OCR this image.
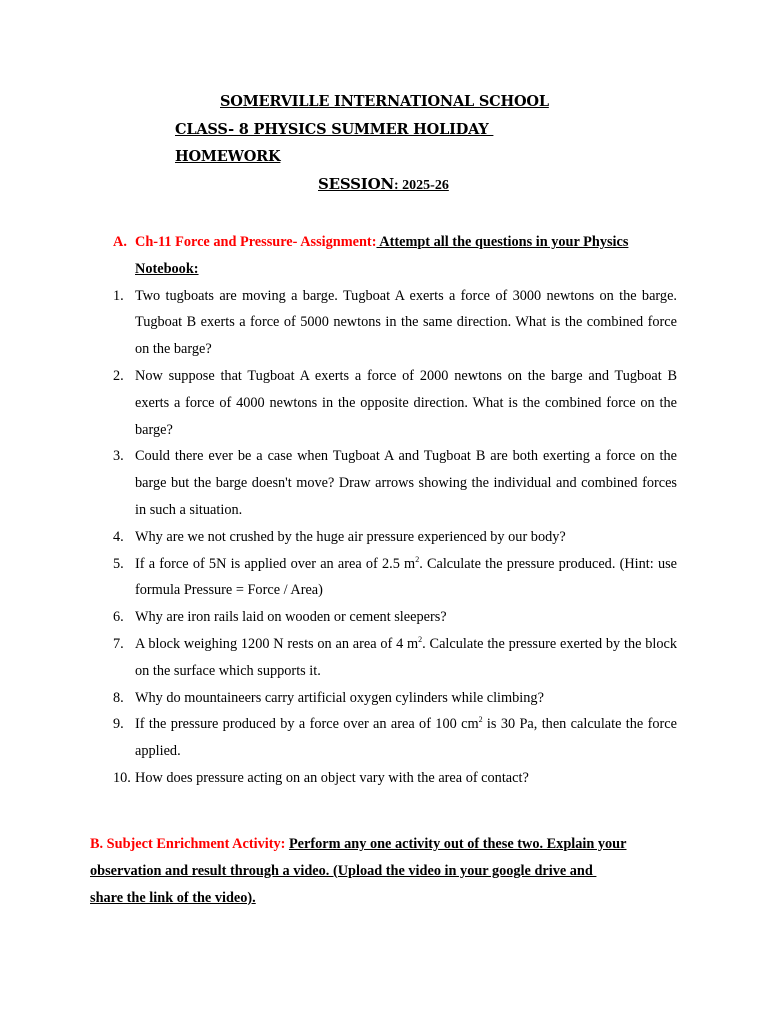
SOMERVILLE INTERNATIONAL SCHOOL
CLASS- 8 PHYSICS SUMMER HOLIDAY
HOMEWORK
SESSION: 2025-26
A. Ch-11 Force and Pressure- Assignment: Attempt all the questions in your Physics
Notebook:
1. Two tugboats are moving a barge. Tugboat A exerts a force of 3000 newtons on the barge. Tugboat B exerts a force of 5000 newtons in the same direction. What is the combined force on the barge?
2. Now suppose that Tugboat A exerts a force of 2000 newtons on the barge and Tugboat B exerts a force of 4000 newtons in the opposite direction. What is the combined force on the barge?
3. Could there ever be a case when Tugboat A and Tugboat B are both exerting a force on the barge but the barge doesn't move? Draw arrows showing the individual and combined forces in such a situation.
4. Why are we not crushed by the huge air pressure experienced by our body?
5. If a force of 5N is applied over an area of 2.5 $m^2$. Calculate the pressure produced. (Hint: use formula Pressure = Force / Area)
6. Why are iron rails laid on wooden or cement sleepers?
7. A block weighing 1200 N rests on an area of 4 $m^2$. Calculate the pressure exerted by the block on the surface which supports it.
8. Why do mountaineers carry artificial oxygen cylinders while climbing?
9. If the pressure produced by a force over an area of 100 $cm^2$ is 30 Pa, then calculate the force applied.
10. How does pressure acting on an object vary with the area of contact?
B. Subject Enrichment Activity: Perform any one activity out of these two. Explain your
observation and result through a video. (Upload the video in your google drive and
share the link of the video).
